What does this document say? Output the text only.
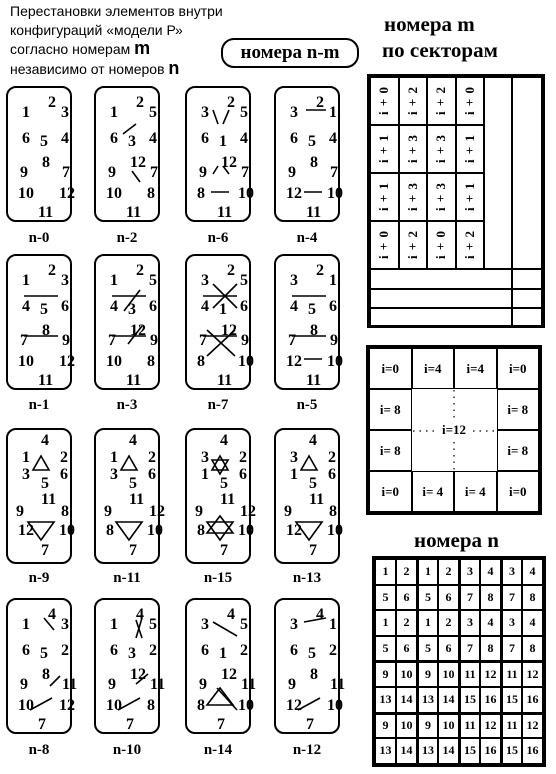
Перестановки элементов внутри
конфигураций «модели Р»
согласно номерам m
независимо от номеров n
номера n-m
номера m
по секторам
номера n
1
2
3
6 5 4
8
9 7
10 12
11
n-0
1
2
5
6 3 4
12
9 7
10 8
11
n-2
3
2
5
6 1 4
12
9 7
8 10
11
n-6
3
2
1
6 5 4
8
9 7
12 10
11
n-4
1
2
3
4 5 6
8
7 9
10 12
11
n-1
1
2
5
4 3 6
12
7 9
10 8
11
n-3
3
2
5
4 1 6
12
7 9
8 10
11
n-7
3
2
1
4 5 6
8
7 9
12 10
11
n-5
4
1 2
3
5
6
11
9 8
12 10
7
n-9
4
1 2
3
5
6
11
9 12
8 10
7
n-11
4
3 2
1
5
6
11
9 12
8 10
7
n-15
4
3 2
1
5
6
11
9 8
12 10
7
n-13
1
4
3
6 5 2
8
9 11
10 12
7
n-8
1
4
5
6 3 2
12
9 11
10 8
7
n-10
3
4
5
6 1 2
12
9 11
8 10
7
n-14
3
4
1
6 5 2
8
9 11
12 10
7
n-12
i + 0
i + 1
i + 1
i + 0
i + 2
i + 3
i + 3
i + 2
i + 2
i + 3
i + 3
i + 0
i + 0
i + 1
i + 1
i + 2
i=0 i=4 i=4 i=0
i=0 i= 4 i= 4 i=0
i= 8
i= 8
i= 8
i= 8
i=12
1 2 1 2 3 4 3 4
5 6 5 6 7 8 7 8
1 2 1 2 3 4 3 4
5 6 5 6 7 8 7 8
9 10 9 10 11 12 11 12
13 14 13 14 15 16 15 16
9 10 9 10 11 12 11 12
13 14 13 14 15 16 15 16
